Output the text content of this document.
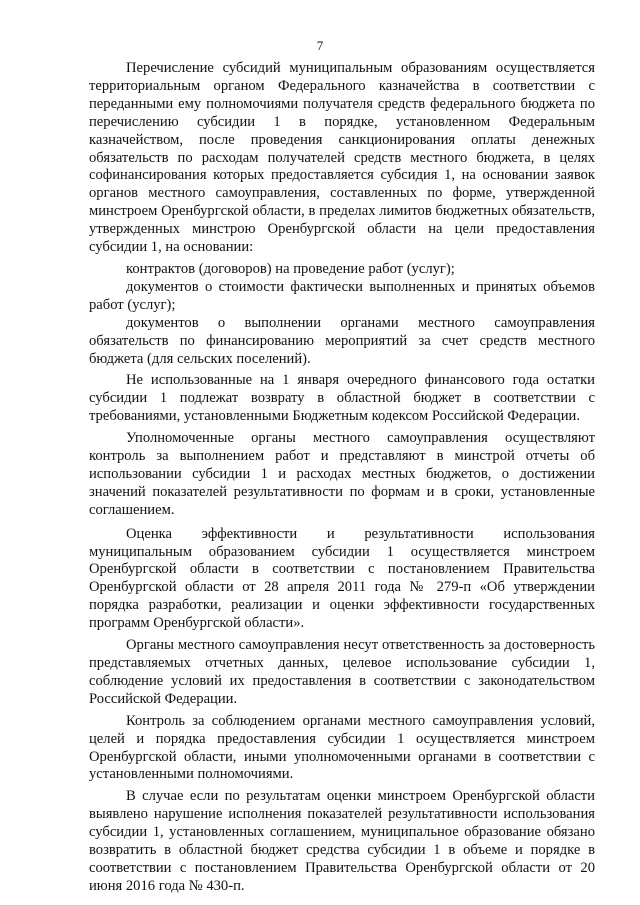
7

Перечисление субсидий муниципальным образованиям осуществляется территориальным органом Федерального казначейства в соответствии с переданными ему полномочиями получателя средств федерального бюджета по перечислению субсидии 1 в порядке, установленном Федеральным казначейством, после проведения санкционирования оплаты денежных обязательств по расходам получателей средств местного бюджета, в целях софинансирования которых предоставляется субсидия 1, на основании заявок органов местного самоуправления, составленных по форме, утвержденной минстроем Оренбургской области, в пределах лимитов бюджетных обязательств, утвержденных минстрою Оренбургской области на цели предоставления субсидии 1, на основании:

контрактов (договоров) на проведение работ (услуг);

документов о стоимости фактически выполненных и принятых объемов работ (услуг);

документов о выполнении органами местного самоуправления обязательств по финансированию мероприятий за счет средств местного бюджета (для сельских поселений).

Не использованные на 1 января очередного финансового года остатки субсидии 1 подлежат возврату в областной бюджет в соответствии с требованиями, установленными Бюджетным кодексом Российской Федерации.

Уполномоченные органы местного самоуправления осуществляют контроль за выполнением работ и представляют в минстрой отчеты об использовании субсидии 1 и расходах местных бюджетов, о достижении значений показателей результативности по формам и в сроки, установленные соглашением.

Оценка эффективности и результативности использования муниципальным образованием субсидии 1 осуществляется минстроем Оренбургской области в соответствии с постановлением Правительства Оренбургской области от 28 апреля 2011 года № 279-п «Об утверждении порядка разработки, реализации и оценки эффективности государственных программ Оренбургской области».

Органы местного самоуправления несут ответственность за достоверность представляемых отчетных данных, целевое использование субсидии 1, соблюдение условий их предоставления в соответствии с законодательством Российской Федерации.

Контроль за соблюдением органами местного самоуправления условий, целей и порядка предоставления субсидии 1 осуществляется минстроем Оренбургской области, иными уполномоченными органами в соответствии с установленными полномочиями.

В случае если по результатам оценки минстроем Оренбургской области выявлено нарушение исполнения показателей результативности использования субсидии 1, установленных соглашением, муниципальное образование обязано возвратить в областной бюджет средства субсидии 1 в объеме и порядке в соответствии с постановлением Правительства Оренбургской области от 20 июня 2016 года № 430-п.
